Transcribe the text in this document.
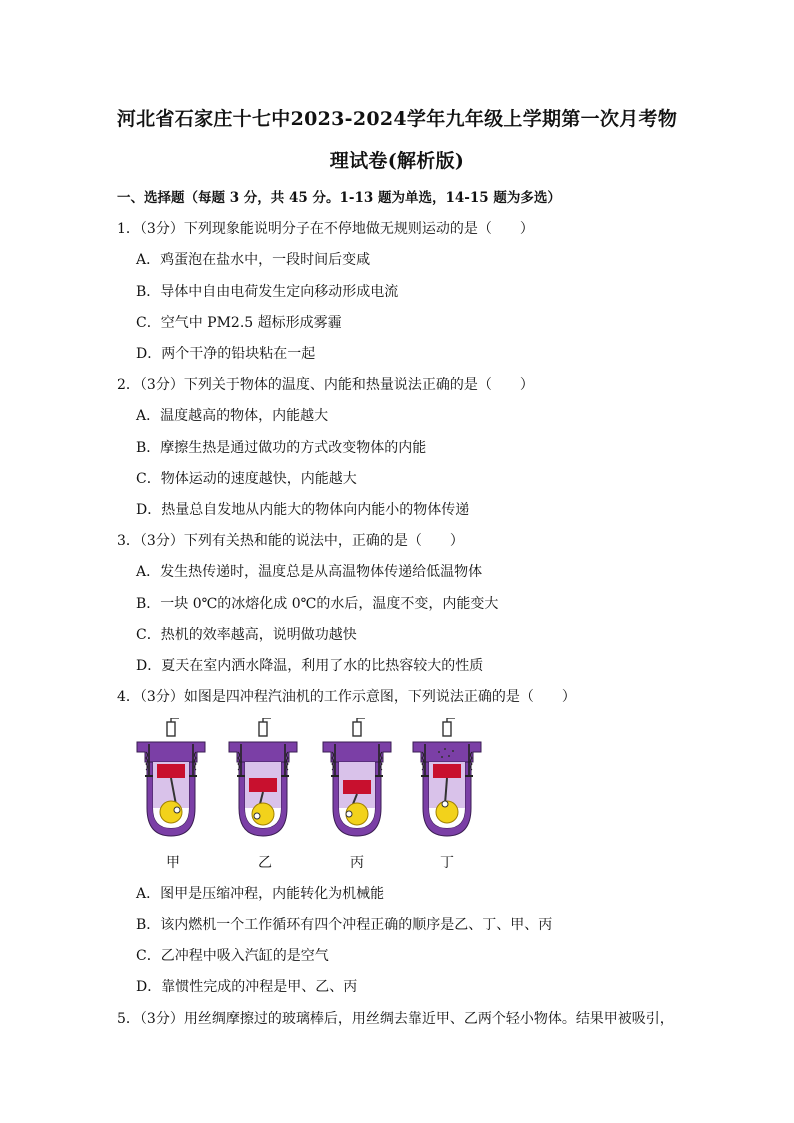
河北省石家庄十七中2023-2024学年九年级上学期第一次月考物
理试卷(解析版)
一、选择题（每题 3 分，共 45 分。1-13 题为单选，14-15 题为多选）
1．（3分）下列现象能说明分子在不停地做无规则运动的是（　　）
A．鸡蛋泡在盐水中，一段时间后变咸
B．导体中自由电荷发生定向移动形成电流
C．空气中 PM2.5 超标形成雾霾
D．两个干净的铅块粘在一起
2．（3分）下列关于物体的温度、内能和热量说法正确的是（　　）
A．温度越高的物体，内能越大
B．摩擦生热是通过做功的方式改变物体的内能
C．物体运动的速度越快，内能越大
D．热量总自发地从内能大的物体向内能小的物体传递
3．（3分）下列有关热和能的说法中，正确的是（　　）
A．发生热传递时，温度总是从高温物体传递给低温物体
B．一块 0℃的冰熔化成 0℃的水后，温度不变，内能变大
C．热机的效率越高，说明做功越快
D．夏天在室内洒水降温，利用了水的比热容较大的性质
4．（3分）如图是四冲程汽油机的工作示意图，下列说法正确的是（　　）
甲	乙	丙	丁
A．图甲是压缩冲程，内能转化为机械能
B．该内燃机一个工作循环有四个冲程正确的顺序是乙、丁、甲、丙
C．乙冲程中吸入汽缸的是空气
D．靠惯性完成的冲程是甲、乙、丙
5．（3分）用丝绸摩擦过的玻璃棒后，用丝绸去靠近甲、乙两个轻小物体。结果甲被吸引，
